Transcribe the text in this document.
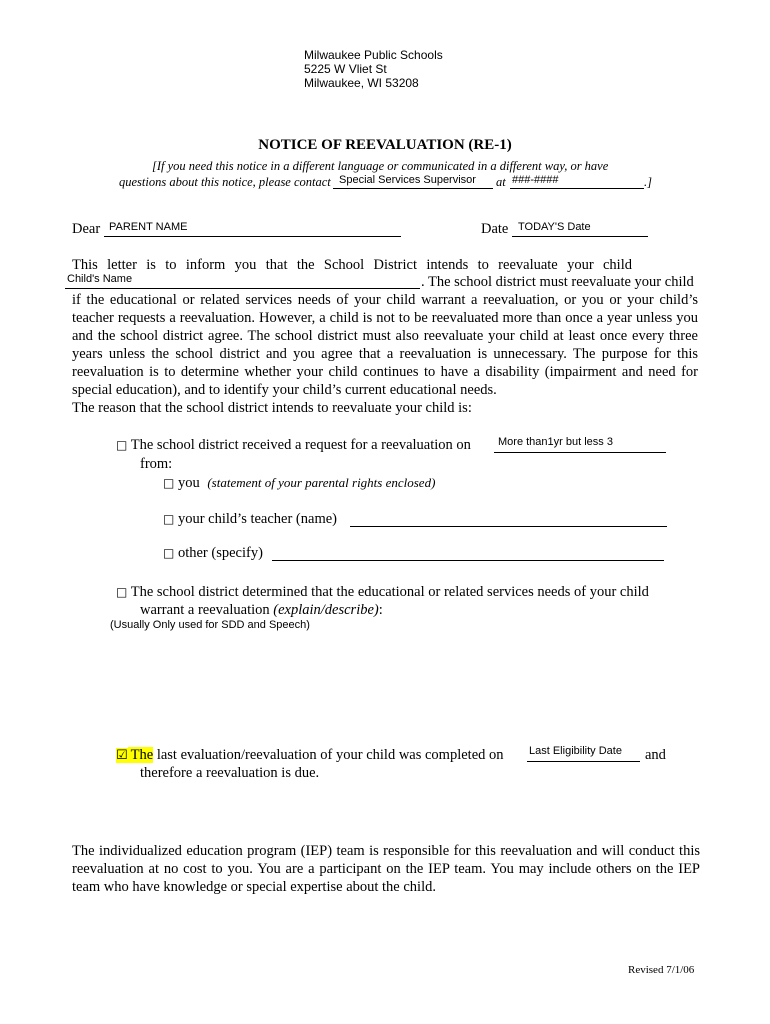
Milwaukee Public Schools
5225 W Vliet St
Milwaukee, WI 53208
NOTICE OF REEVALUATION (RE-1)
[If you need this notice in a different language or communicated in a different way, or have
questions about this notice, please contact Special Services Supervisor at ###-####	.]
Dear PARENT NAME	Date TODAY'S Date
This letter is to inform you that the School District intends to reevaluate your child
Child's Name	. The school district must reevaluate your child
if the educational or related services needs of your child warrant a reevaluation, or you or your child’s teacher requests a reevaluation. However, a child is not to be reevaluated more than once a year unless you and the school district agree. The school district must also reevaluate your child at least once every three years unless the school district and you agree that a reevaluation is unnecessary. The purpose for this reevaluation is to determine whether your child continues to have a disability (impairment and need for special education), and to identify your child’s current educational needs.
The reason that the school district intends to reevaluate your child is:
□ The school district received a request for a reevaluation on More than1yr but less 3
from:
□ you (statement of your parental rights enclosed)
□ your child’s teacher (name)
□ other (specify)
□ The school district determined that the educational or related services needs of your child
warrant a reevaluation (explain/describe):
(Usually Only used for SDD and Speech)
☑ The last evaluation/reevaluation of your child was completed on Last Eligibility Date and
therefore a reevaluation is due.
The individualized education program (IEP) team is responsible for this reevaluation and will conduct this reevaluation at no cost to you. You are a participant on the IEP team. You may include others on the IEP team who have knowledge or special expertise about the child.
Revised 7/1/06
